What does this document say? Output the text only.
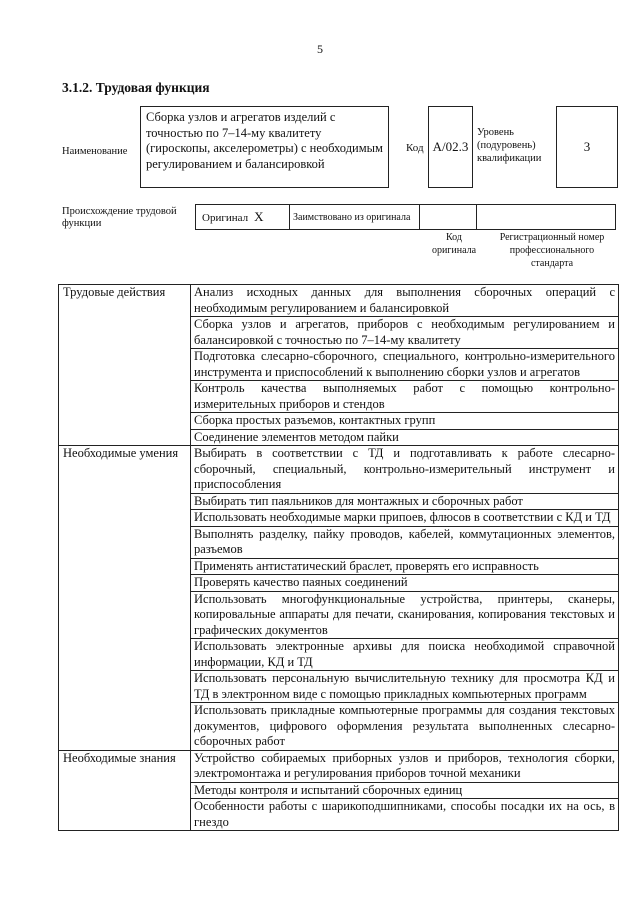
5
3.1.2. Трудовая функция
Наименование
Сборка узлов и агрегатов изделий с точностью по 7–14-му квалитету (гироскопы, акселерометры) с необходимым регулированием и балансировкой
Код A/02.3
Уровень
(подуровень)
квалификации
3
Происхождение трудовой
функции	Оригинал X	Заимствовано из оригинала		
Код
оригинала
Регистрационный номер
профессионального
стандарта
Трудовые действия	Анализ исходных данных для выполнения сборочных операций с необходимым регулированием и балансировкой
	Сборка узлов и агрегатов, приборов с необходимым регулированием и балансировкой с точностью по 7–14-му квалитету
	Подготовка слесарно-сборочного, специального, контрольно-измерительного инструмента и приспособлений к выполнению сборки узлов и агрегатов
	Контроль качества выполняемых работ с помощью контрольно-измерительных приборов и стендов
	Сборка простых разъемов, контактных групп
	Соединение элементов методом пайки
Необходимые умения	Выбирать в соответствии с ТД и подготавливать к работе слесарно-сборочный, специальный, контрольно-измерительный инструмент и приспособления
	Выбирать тип паяльников для монтажных и сборочных работ
	Использовать необходимые марки припоев, флюсов в соответствии с КД и ТД
	Выполнять разделку, пайку проводов, кабелей, коммутационных элементов, разъемов
	Применять антистатический браслет, проверять его исправность
	Проверять качество паяных соединений
	Использовать многофункциональные устройства, принтеры, сканеры, копировальные аппараты для печати, сканирования, копирования текстовых и графических документов
	Использовать электронные архивы для поиска необходимой справочной информации, КД и ТД
	Использовать персональную вычислительную технику для просмотра КД и ТД в электронном виде с помощью прикладных компьютерных программ
	Использовать прикладные компьютерные программы для создания текстовых документов, цифрового оформления результата выполненных слесарно-сборочных работ
Необходимые знания	Устройство собираемых приборных узлов и приборов, технология сборки, электромонтажа и регулирования приборов точной механики
	Методы контроля и испытаний сборочных единиц
	Особенности работы с шарикоподшипниками, способы посадки их на ось, в гнездо
